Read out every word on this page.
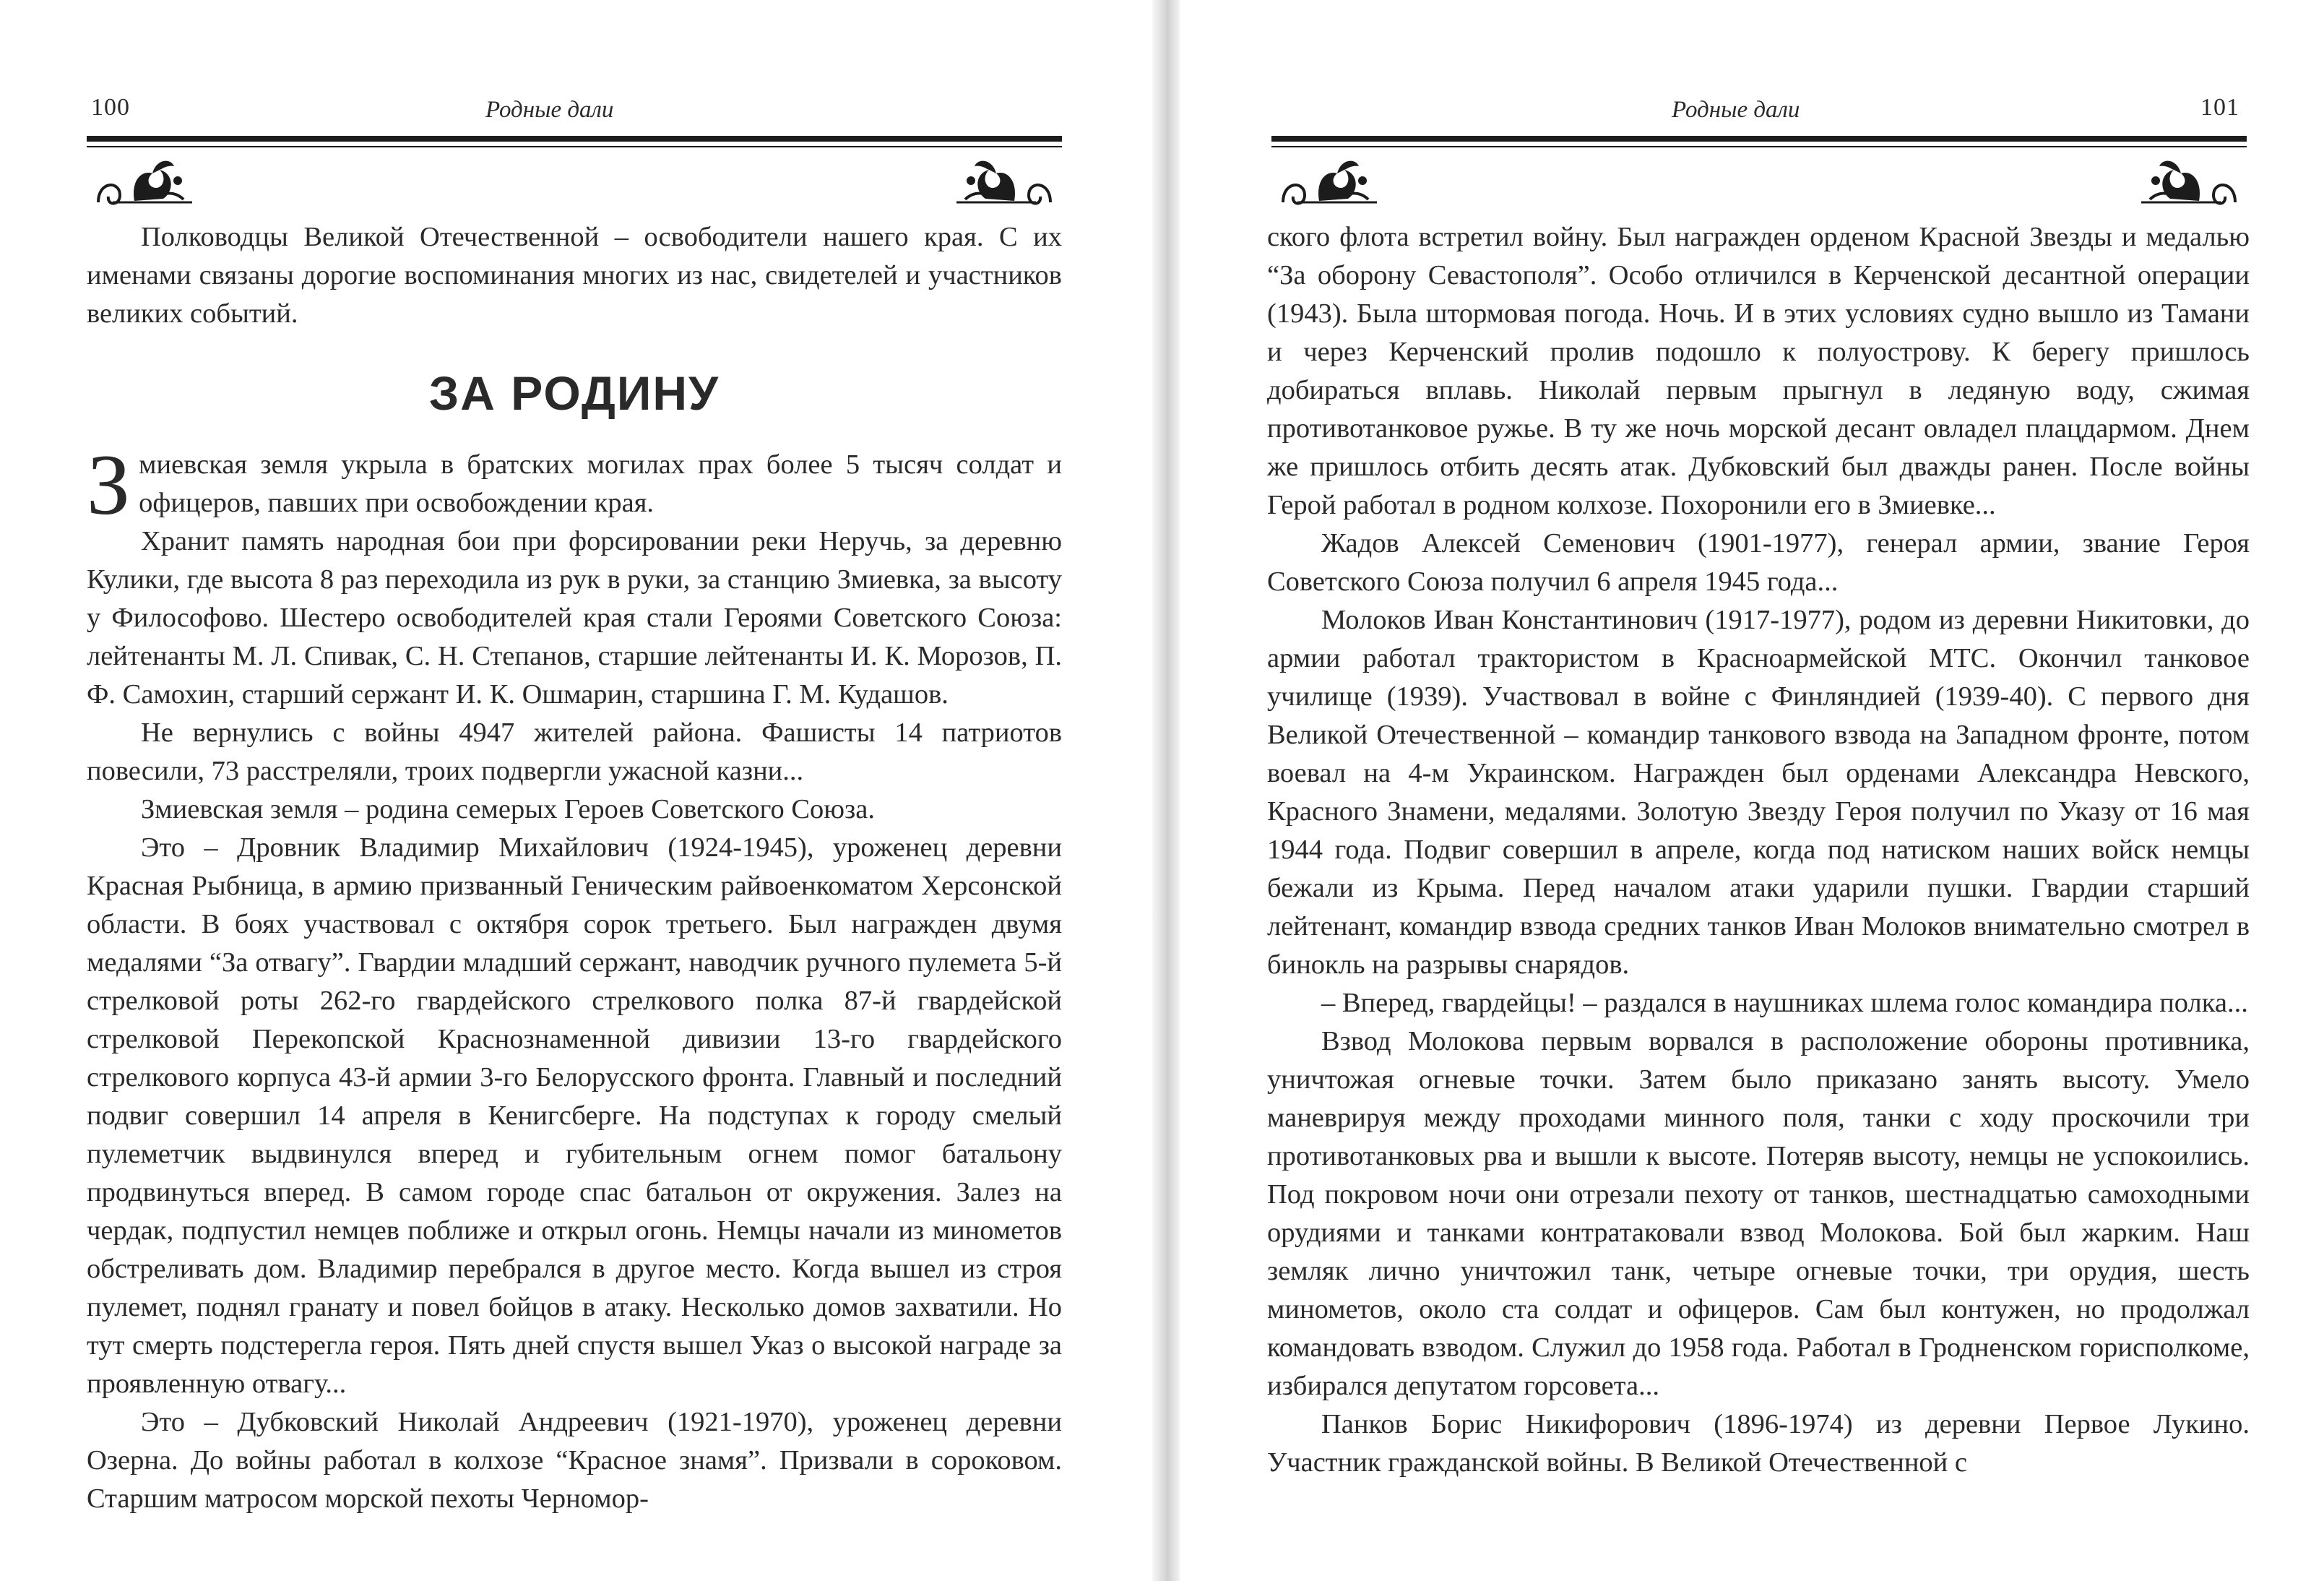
100	Родные дали

Полководцы Великой Отечественной – освободители нашего края. С их именами связаны дорогие воспоминания многих из нас, свидетелей и участников великих событий.

ЗА РОДИНУ

Змиевская земля укрыла в братских могилах прах более 5 тысяч солдат и офицеров, павших при освобождении края.

Хранит память народная бои при форсировании реки Неручь, за деревню Кулики, где высота 8 раз переходила из рук в руки, за станцию Змиевка, за высоту у Философово. Шестеро освободителей края стали Героями Советского Союза: лейтенанты М. Л. Спивак, С. Н. Степанов, старшие лейтенанты И. К. Морозов, П. Ф. Самохин, старший сержант И. К. Ошмарин, старшина Г. М. Кудашов.

Не вернулись с войны 4947 жителей района. Фашисты 14 патриотов повесили, 73 расстреляли, троих подвергли ужасной казни...

Змиевская земля – родина семерых Героев Советского Союза.

Это – Дровник Владимир Михайлович (1924-1945), уроженец деревни Красная Рыбница, в армию призванный Геническим райвоенкоматом Херсонской области. В боях участвовал с октября сорок третьего. Был награжден двумя медалями “За отвагу”. Гвардии младший сержант, наводчик ручного пулемета 5-й стрелковой роты 262-го гвардейского стрелкового полка 87-й гвардейской стрелковой Перекопской Краснознаменной дивизии 13-го гвардейского стрелкового корпуса 43-й армии 3-го Белорусского фронта. Главный и последний подвиг совершил 14 апреля в Кенигсберге. На подступах к городу смелый пулеметчик выдвинулся вперед и губительным огнем помог батальону продвинуться вперед. В самом городе спас батальон от окружения. Залез на чердак, подпустил немцев поближе и открыл огонь. Немцы начали из минометов обстреливать дом. Владимир перебрался в другое место. Когда вышел из строя пулемет, поднял гранату и повел бойцов в атаку. Несколько домов захватили. Но тут смерть подстерегла героя. Пять дней спустя вышел Указ о высокой награде за проявленную отвагу...

Это – Дубковский Николай Андреевич (1921-1970), уроженец деревни Озерна. До войны работал в колхозе “Красное знамя”. Призвали в сороковом. Старшим матросом морской пехоты Черномор-

Родные дали	101

ского флота встретил войну. Был награжден орденом Красной Звезды и медалью “За оборону Севастополя”. Особо отличился в Керченской десантной операции (1943). Была штормовая погода. Ночь. И в этих условиях судно вышло из Тамани и через Керченский пролив подошло к полуострову. К берегу пришлось добираться вплавь. Николай первым прыгнул в ледяную воду, сжимая противотанковое ружье. В ту же ночь морской десант овладел плацдармом. Днем же пришлось отбить десять атак. Дубковский был дважды ранен. После войны Герой работал в родном колхозе. Похоронили его в Змиевке...

Жадов Алексей Семенович (1901-1977), генерал армии, звание Героя Советского Союза получил 6 апреля 1945 года...

Молоков Иван Константинович (1917-1977), родом из деревни Никитовки, до армии работал трактористом в Красноармейской МТС. Окончил танковое училище (1939). Участвовал в войне с Финляндией (1939-40). С первого дня Великой Отечественной – командир танкового взвода на Западном фронте, потом воевал на 4-м Украинском. Награжден был орденами Александра Невского, Красного Знамени, медалями. Золотую Звезду Героя получил по Указу от 16 мая 1944 года. Подвиг совершил в апреле, когда под натиском наших войск немцы бежали из Крыма. Перед началом атаки ударили пушки. Гвардии старший лейтенант, командир взвода средних танков Иван Молоков внимательно смотрел в бинокль на разрывы снарядов.

– Вперед, гвардейцы! – раздался в наушниках шлема голос командира полка...

Взвод Молокова первым ворвался в расположение обороны противника, уничтожая огневые точки. Затем было приказано занять высоту. Умело маневрируя между проходами минного поля, танки с ходу проскочили три противотанковых рва и вышли к высоте. Потеряв высоту, немцы не успокоились. Под покровом ночи они отрезали пехоту от танков, шестнадцатью самоходными орудиями и танками контратаковали взвод Молокова. Бой был жарким. Наш земляк лично уничтожил танк, четыре огневые точки, три орудия, шесть минометов, около ста солдат и офицеров. Сам был контужен, но продолжал командовать взводом. Служил до 1958 года. Работал в Гродненском горисполкоме, избирался депутатом горсовета...

Панков Борис Никифорович (1896-1974) из деревни Первое Лукино. Участник гражданской войны. В Великой Отечественной с
